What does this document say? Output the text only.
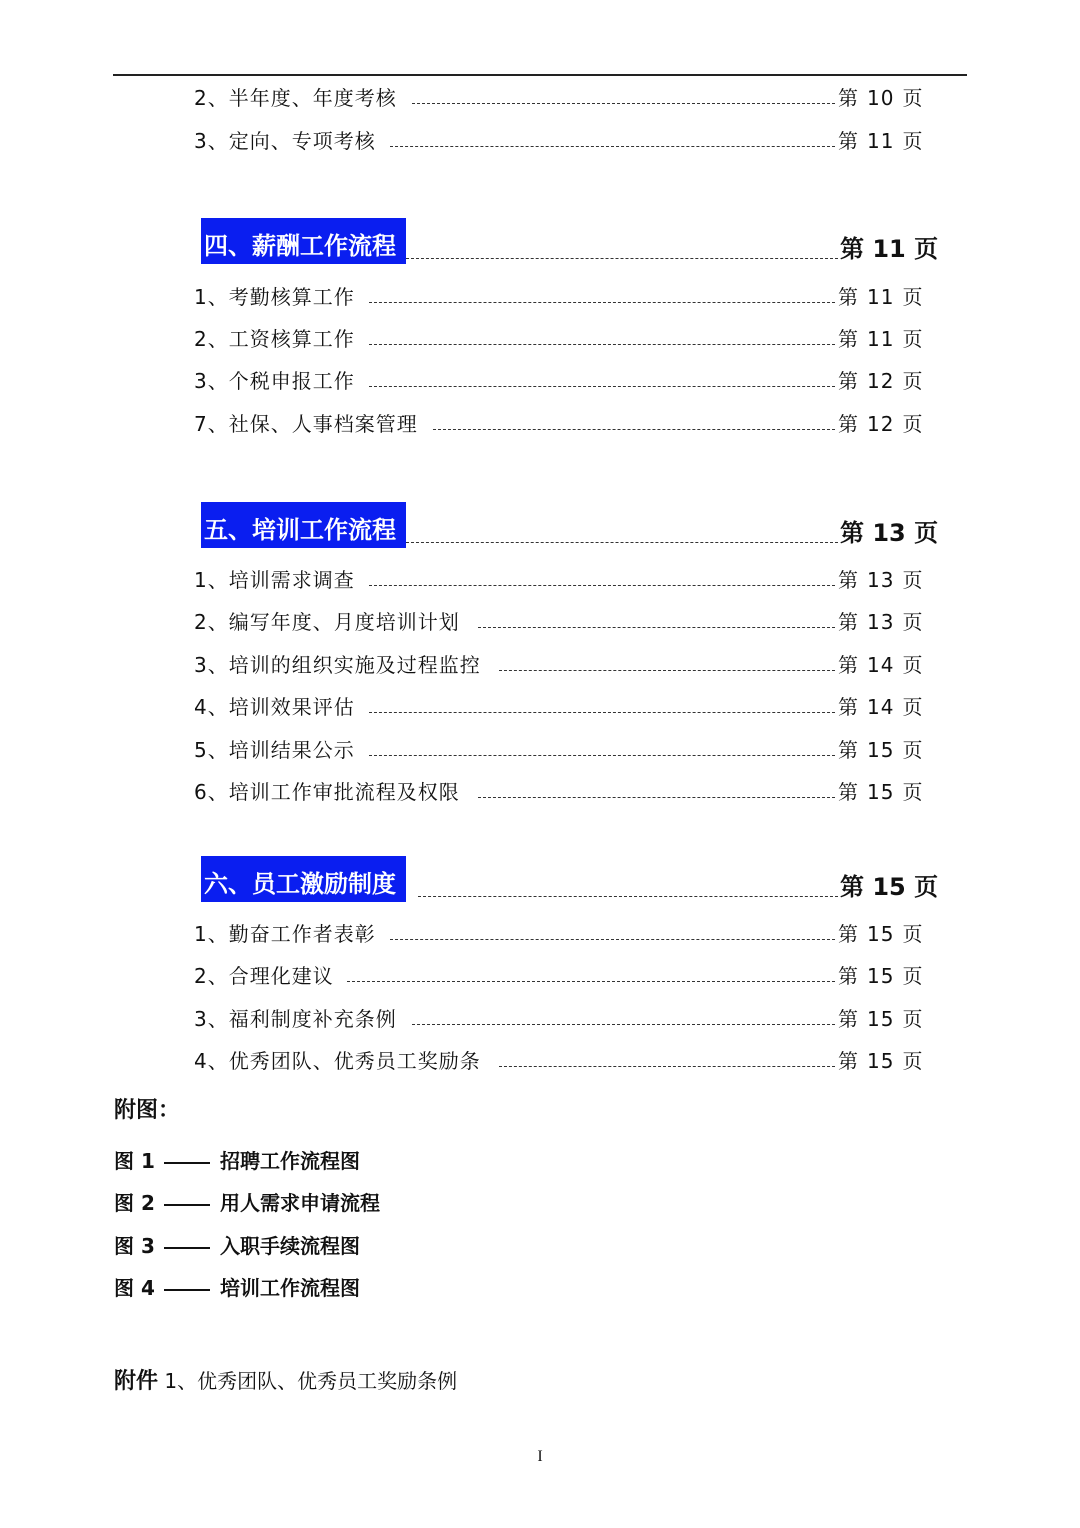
2、半年度、年度考核	第 10 页
3、定向、专项考核	第 11 页
四、薪酬工作流程	第 11 页
1、考勤核算工作	第 11 页
2、工资核算工作	第 11 页
3、个税申报工作	第 12 页
7、社保、人事档案管理	第 12 页
五、培训工作流程	第 13 页
1、培训需求调查	第 13 页
2、编写年度、月度培训计划	第 13 页
3、培训的组织实施及过程监控	第 14 页
4、培训效果评估	第 14 页
5、培训结果公示	第 15 页
6、培训工作审批流程及权限	第 15 页
六、员工激励制度	第 15 页
1、勤奋工作者表彰	第 15 页
2、合理化建议	第 15 页
3、福利制度补充条例	第 15 页
4、优秀团队、优秀员工奖励条	第 15 页
附图：
图 1	招聘工作流程图
图 2	用人需求申请流程
图 3	入职手续流程图
图 4	培训工作流程图
附件 1、优秀团队、优秀员工奖励条例
I
